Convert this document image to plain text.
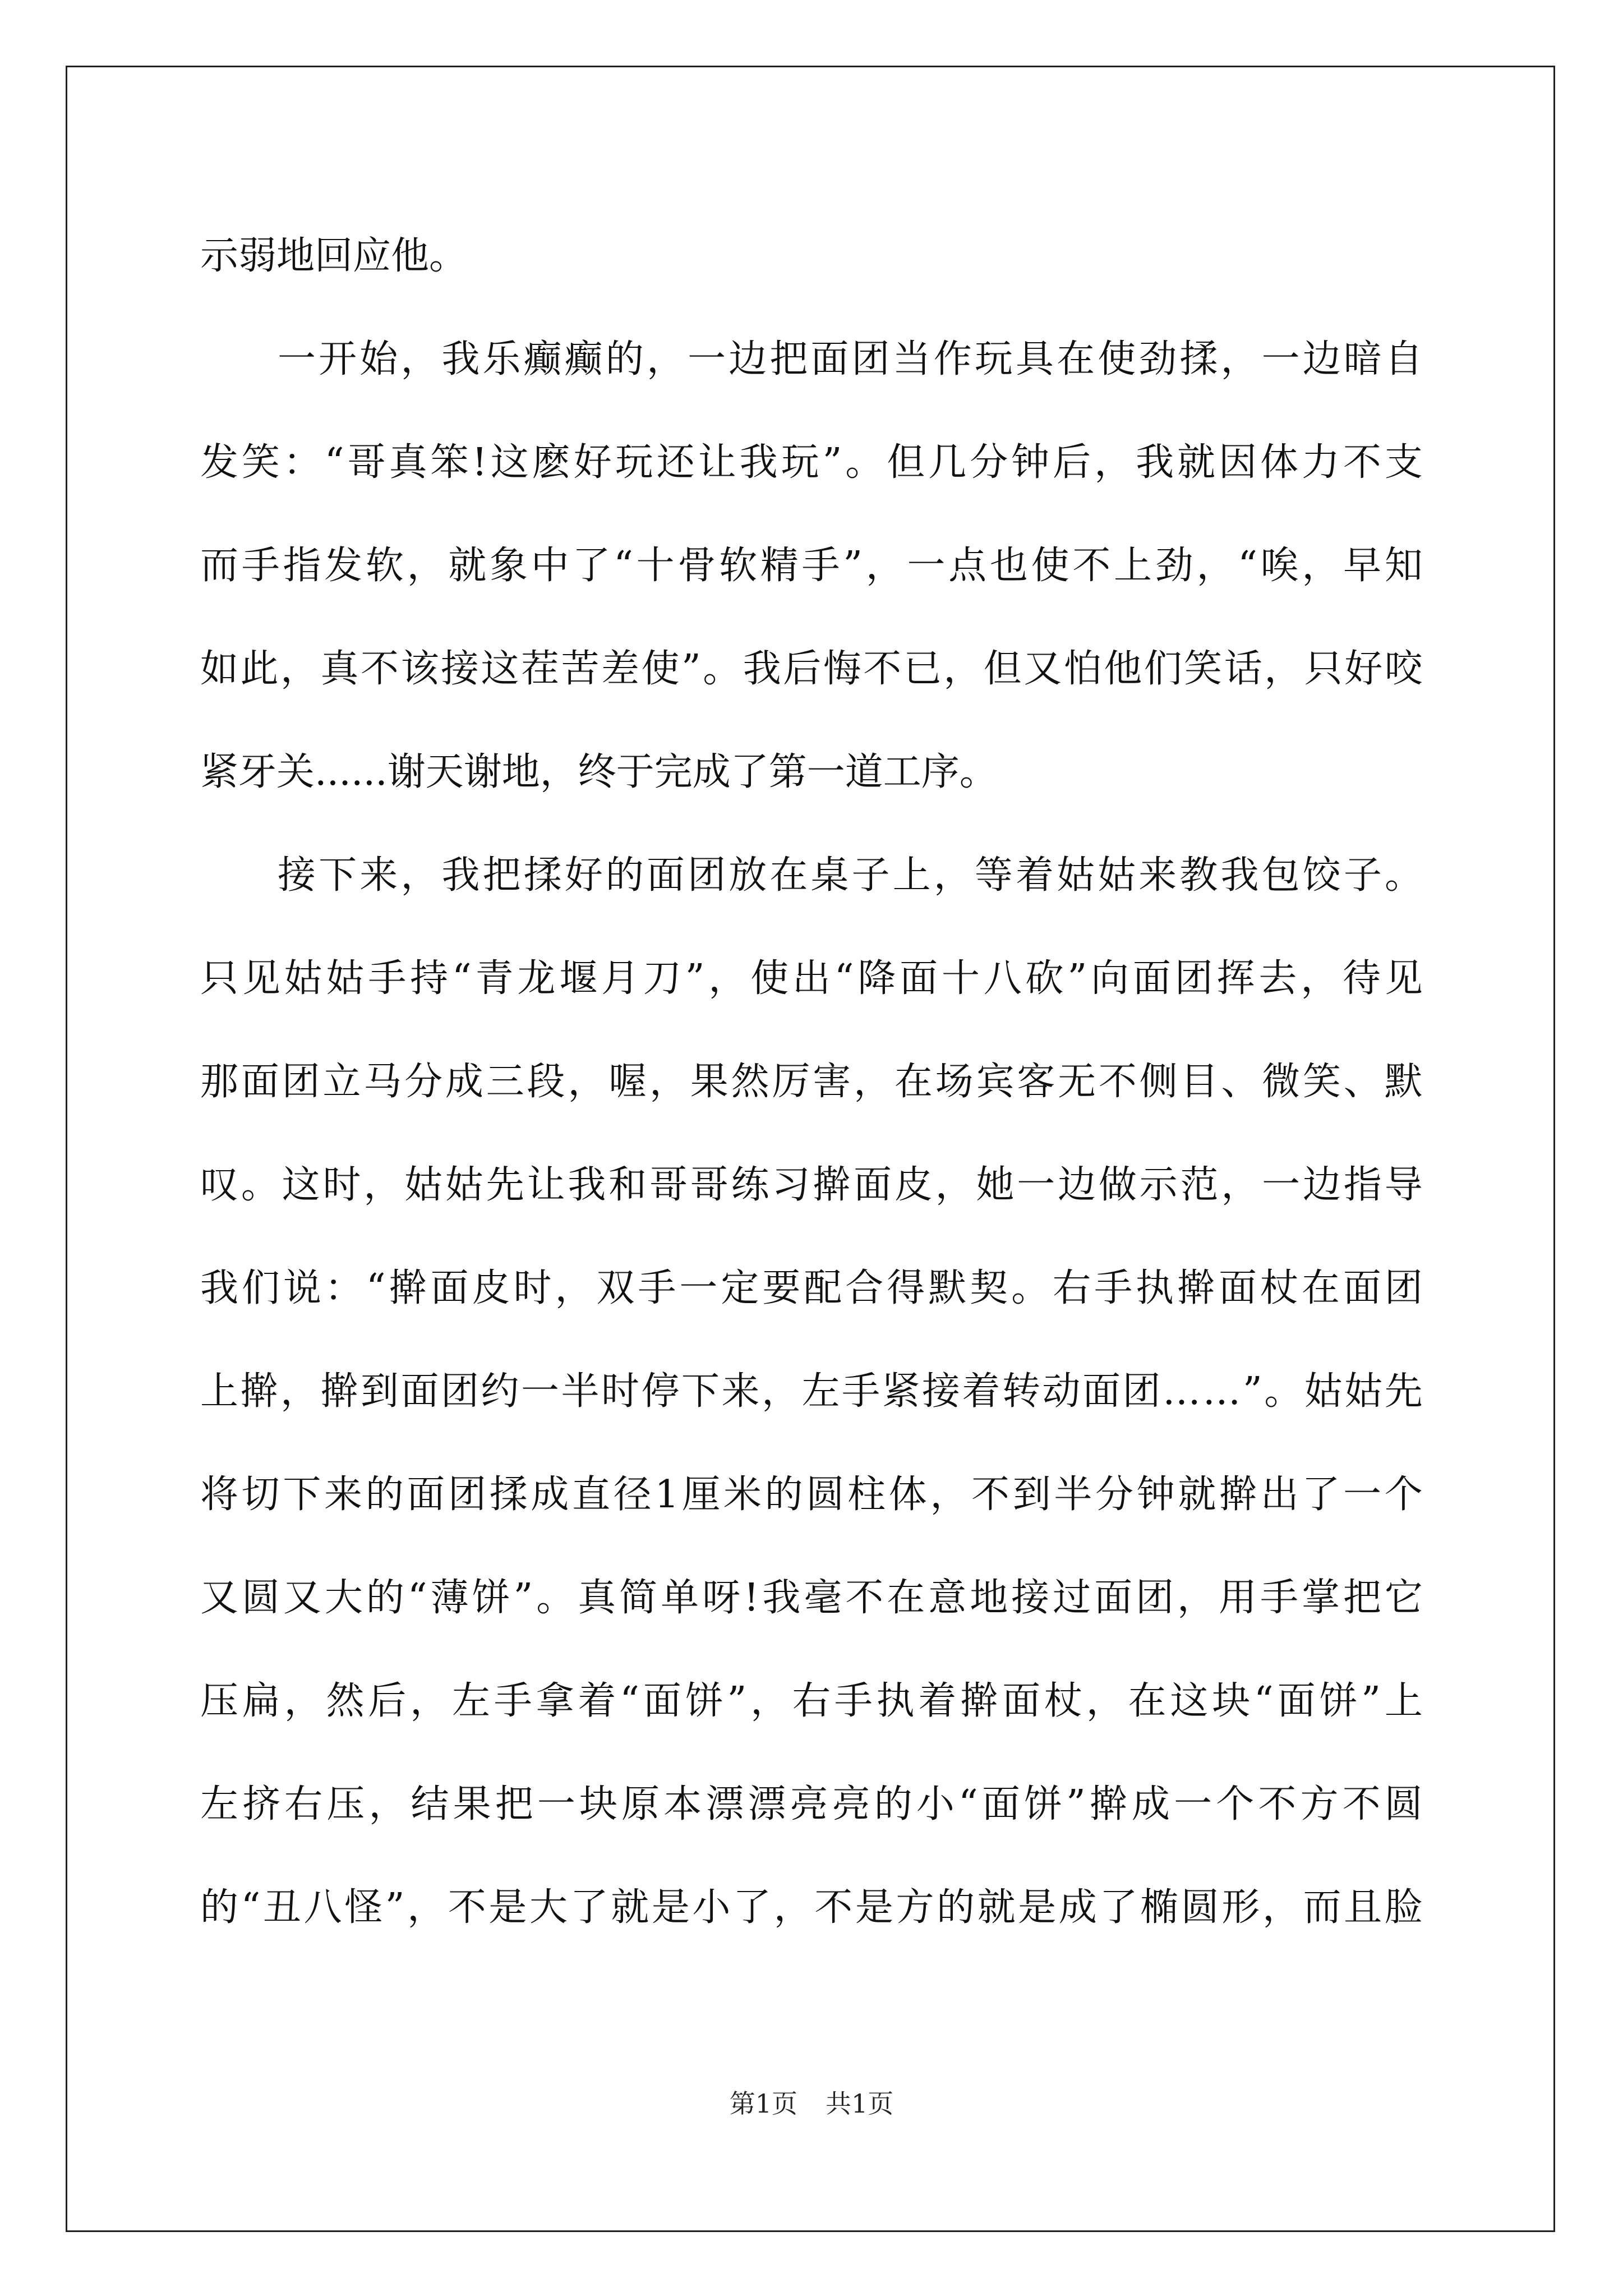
示弱地回应他。
一 开 始 ， 我 乐 癫 癫 的 ， 一 边 把 面 团 当 作 玩 具 在 使 劲 揉 ， 一 边 暗 自
发 笑 ： “ 哥 真 笨 ! 这 麽 好 玩 还 让 我 玩 ” 。 但 几 分 钟 后 ， 我 就 因 体 力 不 支
而 手 指 发 软 ， 就 象 中 了 “ 十 骨 软 精 手 ” ， 一 点 也 使 不 上 劲 ， “ 唉 ， 早 知
如 此 ， 真 不 该 接 这 茬 苦 差 使 ” 。 我 后 悔 不 已 ， 但 又 怕 他 们 笑 话 ， 只 好 咬
紧牙关......谢天谢地，终于完成了第一道工序。
接 下 来 ， 我 把 揉 好 的 面 团 放 在 桌 子 上 ， 等 着 姑 姑 来 教 我 包 饺 子 。
只 见 姑 姑 手 持 “ 青 龙 堰 月 刀 ” ， 使 出 “ 降 面 十 八 砍 ” 向 面 团 挥 去 ， 待 见
那 面 团 立 马 分 成 三 段 ， 喔 ， 果 然 厉 害 ， 在 场 宾 客 无 不 侧 目 、 微 笑 、 默
叹 。 这 时 ， 姑 姑 先 让 我 和 哥 哥 练 习 擀 面 皮 ， 她 一 边 做 示 范 ， 一 边 指 导
我 们 说 ： “ 擀 面 皮 时 ， 双 手 一 定 要 配 合 得 默 契 。 右 手 执 擀 面 杖 在 面 团
上 擀 ， 擀 到 面 团 约 一 半 时 停 下 来 ， 左 手 紧 接 着 转 动 面 团 … … ” 。 姑 姑 先
将 切 下 来 的 面 团 揉 成 直 径 1 厘 米 的 圆 柱 体 ， 不 到 半 分 钟 就 擀 出 了 一 个
又 圆 又 大 的 “ 薄 饼 ” 。 真 简 单 呀 ! 我 毫 不 在 意 地 接 过 面 团 ， 用 手 掌 把 它
压 扁 ， 然 后 ， 左 手 拿 着 “ 面 饼 ” ， 右 手 执 着 擀 面 杖 ， 在 这 块 “ 面 饼 ” 上
左 挤 右 压 ， 结 果 把 一 块 原 本 漂 漂 亮 亮 的 小 “ 面 饼 ” 擀 成 一 个 不 方 不 圆
的 “ 丑 八 怪 ” ， 不 是 大 了 就 是 小 了 ， 不 是 方 的 就 是 成 了 椭 圆 形 ， 而 且 脸
第1页 共1页
